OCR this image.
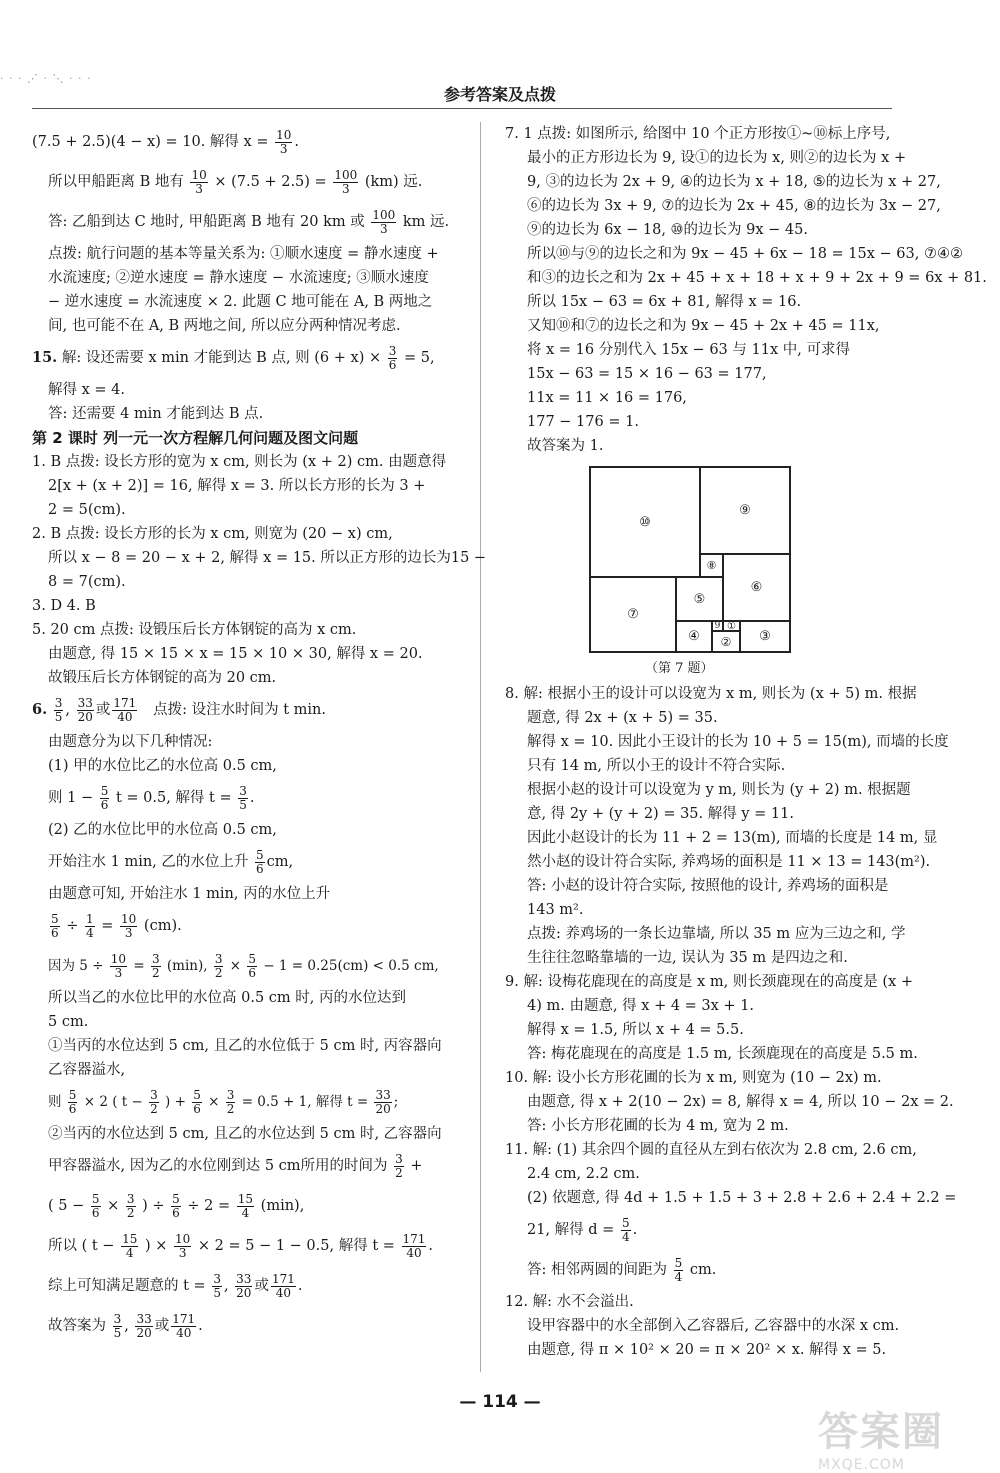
· · · ⋰ · ⋱ · · ·
参考答案及点拨
(7.5 + 2.5)(4 − x) = 10. 解得 $x = \frac{10}{3}$ .
所以甲船距离 B 地有 $\frac{10}{3} \times (7.5 + 2.5) = \frac{100}{3} (km)$ 远.
答: 乙船到达 C 地时, 甲船距离 B 地有 20 km 或 $\frac{100}{3}$ km 远.
点拨: 航行问题的基本等量关系为: ①顺水速度 = 静水速度 +
水流速度; ②逆水速度 = 静水速度 − 水流速度; ③顺水速度
− 逆水速度 = 水流速度 × 2. 此题 C 地可能在 A, B 两地之
间, 也可能不在 A, B 两地之间, 所以应分两种情况考虑.
15. 解: 设还需要 x min 才能到达 B 点, 则 $(6 + x) \times \frac{3}{6} = 5$,
解得 x = 4.
答: 还需要 4 min 才能到达 B 点.
第 2 课时 列一元一次方程解几何问题及图文问题
1. B 点拨: 设长方形的宽为 x cm, 则长为 (x + 2) cm. 由题意得
2[x + (x + 2)] = 16, 解得 x = 3. 所以长方形的长为 3 +
2 = 5(cm).
2. B 点拨: 设长方形的长为 x cm, 则宽为 (20 − x) cm,
所以 x − 8 = 20 − x + 2, 解得 x = 15. 所以正方形的边长为15 −
8 = 7(cm).
3. D 4. B
5. 20 cm 点拨: 设锻压后长方体钢锭的高为 x cm.
由题意, 得 15 × 15 × x = 15 × 10 × 30, 解得 x = 20.
故锻压后长方体钢锭的高为 20 cm.
6. $\frac{3}{5}$ , $\frac{33}{20}$ 或 $\frac{171}{40}$ 点拨: 设注水时间为 t min.
由题意分为以下几种情况:
(1) 甲的水位比乙的水位高 0.5 cm,
则 $1 - \frac{5}{6}$ t = 0.5, 解得 $t = \frac{3}{5}$ .
(2) 乙的水位比甲的水位高 0.5 cm,
开始注水 1 min, 乙的水位上升 $\frac{5}{6}$ cm,
由题意可知, 开始注水 1 min, 丙的水位上升
$\frac{5}{6} \div \frac{1}{4} = \frac{10}{3} (cm)$.
因为 $5 \div \frac{10}{3} = \frac{3}{2} (\min)$, $\frac{3}{2} \times \frac{5}{6} - 1 = 0.25(cm) < 0.5$ cm,
所以当乙的水位比甲的水位高 0.5 cm 时, 丙的水位达到
5 cm.
①当丙的水位达到 5 cm, 且乙的水位低于 5 cm 时, 丙容器向
乙容器溢水,
则 $\frac{5}{6} \times 2$ ( $t - \frac{3}{2}$ ) + $\frac{5}{6} \times \frac{3}{2} = 0.5 + 1$, 解得 $t = \frac{33}{20}$ ;
②当丙的水位达到 5 cm, 且乙的水位达到 5 cm 时, 乙容器向
甲容器溢水, 因为乙的水位刚到达 5 cm所用的时间为 $\frac{3}{2}$ +
( $5 - \frac{5}{6} \times \frac{3}{2}$ ) ÷ $\frac{5}{6} \div 2 = \frac{15}{4} (\min)$,
所以 ( $t - \frac{15}{4}$ ) × $\frac{10}{3} \times 2 = 5 - 1 - 0.5$, 解得 $t = \frac{171}{40}$ .
综上可知满足题意的 $t = \frac{3}{5}$ , $\frac{33}{20}$ 或 $\frac{171}{40}$ .
故答案为 $\frac{3}{5}$ , $\frac{33}{20}$ 或 $\frac{171}{40}$ .
7. 1 点拨: 如图所示, 给图中 10 个正方形按①~⑩标上序号,
最小的正方形边长为 9, 设①的边长为 x, 则②的边长为 x +
9, ③的边长为 2x + 9, ④的边长为 x + 18, ⑤的边长为 x + 27,
⑥的边长为 3x + 9, ⑦的边长为 2x + 45, ⑧的边长为 3x − 27,
⑨的边长为 6x − 18, ⑩的边长为 9x − 45.
所以⑩与⑨的边长之和为 9x − 45 + 6x − 18 = 15x − 63, ⑦④②
和③的边长之和为 2x + 45 + x + 18 + x + 9 + 2x + 9 = 6x + 81.
所以 15x − 63 = 6x + 81, 解得 x = 16.
又知⑩和⑦的边长之和为 9x − 45 + 2x + 45 = 11x,
将 x = 16 分别代入 15x − 63 与 11x 中, 可求得
15x − 63 = 15 × 16 − 63 = 177,
11x = 11 × 16 = 176,
177 − 176 = 1.
故答案为 1.
⑩
⑨
⑧
⑥
⑦
⑤
④
9 ①
② ③
（第 7 题）
8. 解: 根据小王的设计可以设宽为 x m, 则长为 (x + 5) m. 根据
题意, 得 2x + (x + 5) = 35.
解得 x = 10. 因此小王设计的长为 10 + 5 = 15(m), 而墙的长度
只有 14 m, 所以小王的设计不符合实际.
根据小赵的设计可以设宽为 y m, 则长为 (y + 2) m. 根据题
意, 得 2y + (y + 2) = 35. 解得 y = 11.
因此小赵设计的长为 11 + 2 = 13(m), 而墙的长度是 14 m, 显
然小赵的设计符合实际, 养鸡场的面积是 11 × 13 = 143(m²).
答: 小赵的设计符合实际, 按照他的设计, 养鸡场的面积是
143 m².
点拨: 养鸡场的一条长边靠墙, 所以 35 m 应为三边之和, 学
生往往忽略靠墙的一边, 误认为 35 m 是四边之和.
9. 解: 设梅花鹿现在的高度是 x m, 则长颈鹿现在的高度是 (x +
4) m. 由题意, 得 x + 4 = 3x + 1.
解得 x = 1.5, 所以 x + 4 = 5.5.
答: 梅花鹿现在的高度是 1.5 m, 长颈鹿现在的高度是 5.5 m.
10. 解: 设小长方形花圃的长为 x m, 则宽为 (10 − 2x) m.
由题意, 得 x + 2(10 − 2x) = 8, 解得 x = 4, 所以 10 − 2x = 2.
答: 小长方形花圃的长为 4 m, 宽为 2 m.
11. 解: (1) 其余四个圆的直径从左到右依次为 2.8 cm, 2.6 cm,
2.4 cm, 2.2 cm.
(2) 依题意, 得 4d + 1.5 + 1.5 + 3 + 2.8 + 2.6 + 2.4 + 2.2 =
21, 解得 $d = \frac{5}{4}$ .
答: 相邻两圆的间距为 $\frac{5}{4}$ cm.
12. 解: 水不会溢出.
设甲容器中的水全部倒入乙容器后, 乙容器中的水深 x cm.
由题意, 得 π × 10² × 20 = π × 20² × x. 解得 x = 5.
— 114 —
答案圈
MXQE.COM
